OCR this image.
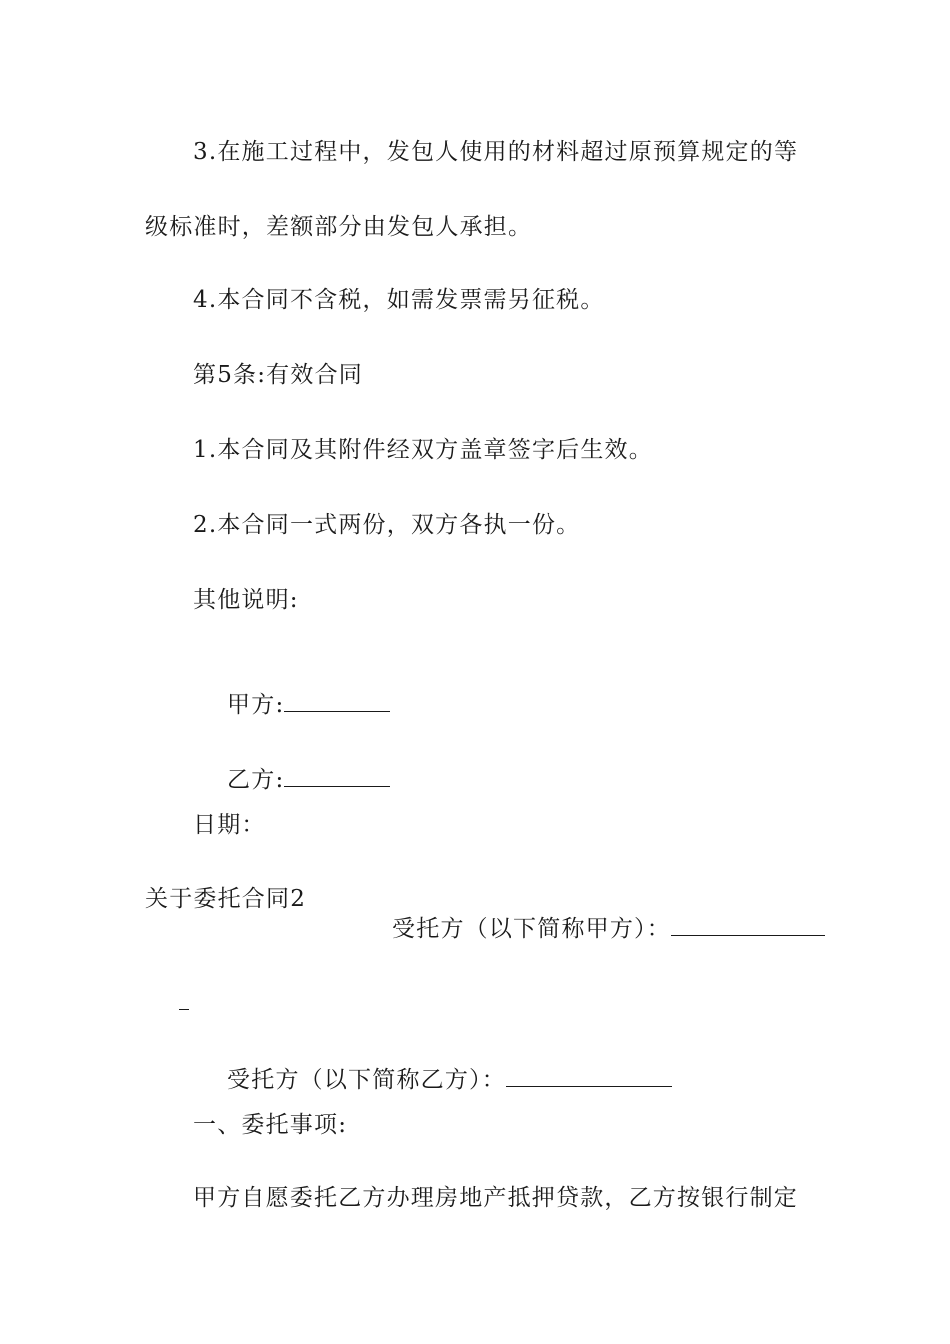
3.在施工过程中，发包人使用的材料超过原预算规定的等
级标准时，差额部分由发包人承担。
4.本合同不含税，如需发票需另征税。
第5条:有效合同
1.本合同及其附件经双方盖章签字后生效。
2.本合同一式两份，双方各执一份。
其他说明:

甲方:

乙方:

日期：
关于委托合同2

受托方（以下简称甲方）：

受托方（以下简称乙方）：

一、委托事项:
甲方自愿委托乙方办理房地产抵押贷款，乙方按银行制定
